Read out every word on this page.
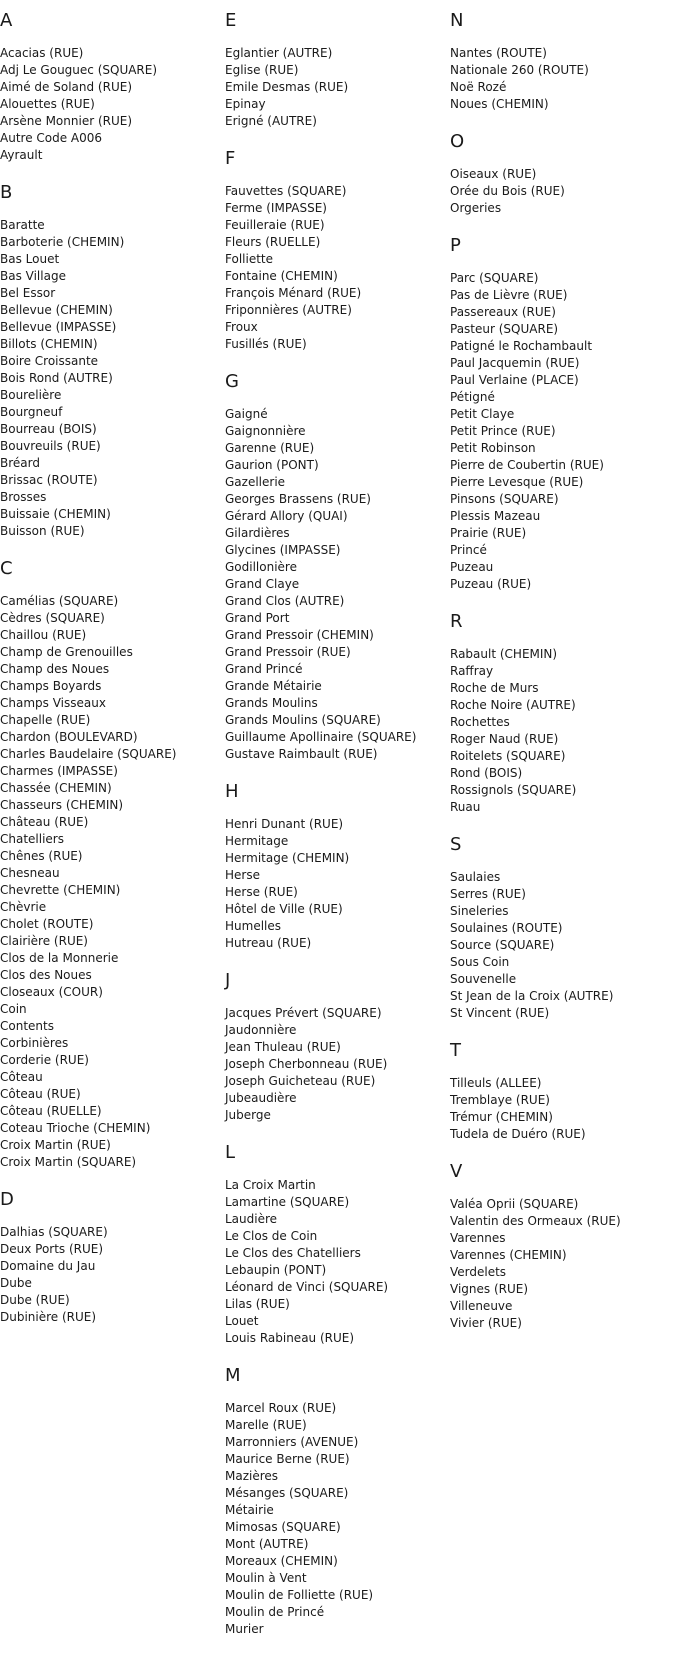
A
Acacias (RUE)
Adj Le Gouguec (SQUARE)
Aimé de Soland (RUE)
Alouettes (RUE)
Arsène Monnier (RUE)
Autre Code A006
Ayrault
B
Baratte
Barboterie (CHEMIN)
Bas Louet
Bas Village
Bel Essor
Bellevue (CHEMIN)
Bellevue (IMPASSE)
Billots (CHEMIN)
Boire Croissante
Bois Rond (AUTRE)
Bourelière
Bourgneuf
Bourreau (BOIS)
Bouvreuils (RUE)
Bréard
Brissac (ROUTE)
Brosses
Buissaie (CHEMIN)
Buisson (RUE)
C
Camélias (SQUARE)
Cèdres (SQUARE)
Chaillou (RUE)
Champ de Grenouilles
Champ des Noues
Champs Boyards
Champs Visseaux
Chapelle (RUE)
Chardon (BOULEVARD)
Charles Baudelaire (SQUARE)
Charmes (IMPASSE)
Chassée (CHEMIN)
Chasseurs (CHEMIN)
Château (RUE)
Chatelliers
Chênes (RUE)
Chesneau
Chevrette (CHEMIN)
Chèvrie
Cholet (ROUTE)
Clairière (RUE)
Clos de la Monnerie
Clos des Noues
Closeaux (COUR)
Coin
Contents
Corbinières
Corderie (RUE)
Côteau
Côteau (RUE)
Côteau (RUELLE)
Coteau Trioche (CHEMIN)
Croix Martin (RUE)
Croix Martin (SQUARE)
D
Dalhias (SQUARE)
Deux Ports (RUE)
Domaine du Jau
Dube
Dube (RUE)
Dubinière (RUE)
E
Eglantier (AUTRE)
Eglise (RUE)
Emile Desmas (RUE)
Epinay
Erigné (AUTRE)
F
Fauvettes (SQUARE)
Ferme (IMPASSE)
Feuilleraie (RUE)
Fleurs (RUELLE)
Folliette
Fontaine (CHEMIN)
François Ménard (RUE)
Friponnières (AUTRE)
Froux
Fusillés (RUE)
G
Gaigné
Gaignonnière
Garenne (RUE)
Gaurion (PONT)
Gazellerie
Georges Brassens (RUE)
Gérard Allory (QUAI)
Gilardières
Glycines (IMPASSE)
Godillonière
Grand Claye
Grand Clos (AUTRE)
Grand Port
Grand Pressoir (CHEMIN)
Grand Pressoir (RUE)
Grand Princé
Grande Métairie
Grands Moulins
Grands Moulins (SQUARE)
Guillaume Apollinaire (SQUARE)
Gustave Raimbault (RUE)
H
Henri Dunant (RUE)
Hermitage
Hermitage (CHEMIN)
Herse
Herse (RUE)
Hôtel de Ville (RUE)
Humelles
Hutreau (RUE)
J
Jacques Prévert (SQUARE)
Jaudonnière
Jean Thuleau (RUE)
Joseph Cherbonneau (RUE)
Joseph Guicheteau (RUE)
Jubeaudière
Juberge
L
La Croix Martin
Lamartine (SQUARE)
Laudière
Le Clos de Coin
Le Clos des Chatelliers
Lebaupin (PONT)
Léonard de Vinci (SQUARE)
Lilas (RUE)
Louet
Louis Rabineau (RUE)
M
Marcel Roux (RUE)
Marelle (RUE)
Marronniers (AVENUE)
Maurice Berne (RUE)
Mazières
Mésanges (SQUARE)
Métairie
Mimosas (SQUARE)
Mont (AUTRE)
Moreaux (CHEMIN)
Moulin à Vent
Moulin de Folliette (RUE)
Moulin de Princé
Murier
N
Nantes (ROUTE)
Nationale 260 (ROUTE)
Noë Rozé
Noues (CHEMIN)
O
Oiseaux (RUE)
Orée du Bois (RUE)
Orgeries
P
Parc (SQUARE)
Pas de Lièvre (RUE)
Passereaux (RUE)
Pasteur (SQUARE)
Patigné le Rochambault
Paul Jacquemin (RUE)
Paul Verlaine (PLACE)
Pétigné
Petit Claye
Petit Prince (RUE)
Petit Robinson
Pierre de Coubertin (RUE)
Pierre Levesque (RUE)
Pinsons (SQUARE)
Plessis Mazeau
Prairie (RUE)
Princé
Puzeau
Puzeau (RUE)
R
Rabault (CHEMIN)
Raffray
Roche de Murs
Roche Noire (AUTRE)
Rochettes
Roger Naud (RUE)
Roitelets (SQUARE)
Rond (BOIS)
Rossignols (SQUARE)
Ruau
S
Saulaies
Serres (RUE)
Sineleries
Soulaines (ROUTE)
Source (SQUARE)
Sous Coin
Souvenelle
St Jean de la Croix (AUTRE)
St Vincent (RUE)
T
Tilleuls (ALLEE)
Tremblaye (RUE)
Trémur (CHEMIN)
Tudela de Duéro (RUE)
V
Valéa Oprii (SQUARE)
Valentin des Ormeaux (RUE)
Varennes
Varennes (CHEMIN)
Verdelets
Vignes (RUE)
Villeneuve
Vivier (RUE)
